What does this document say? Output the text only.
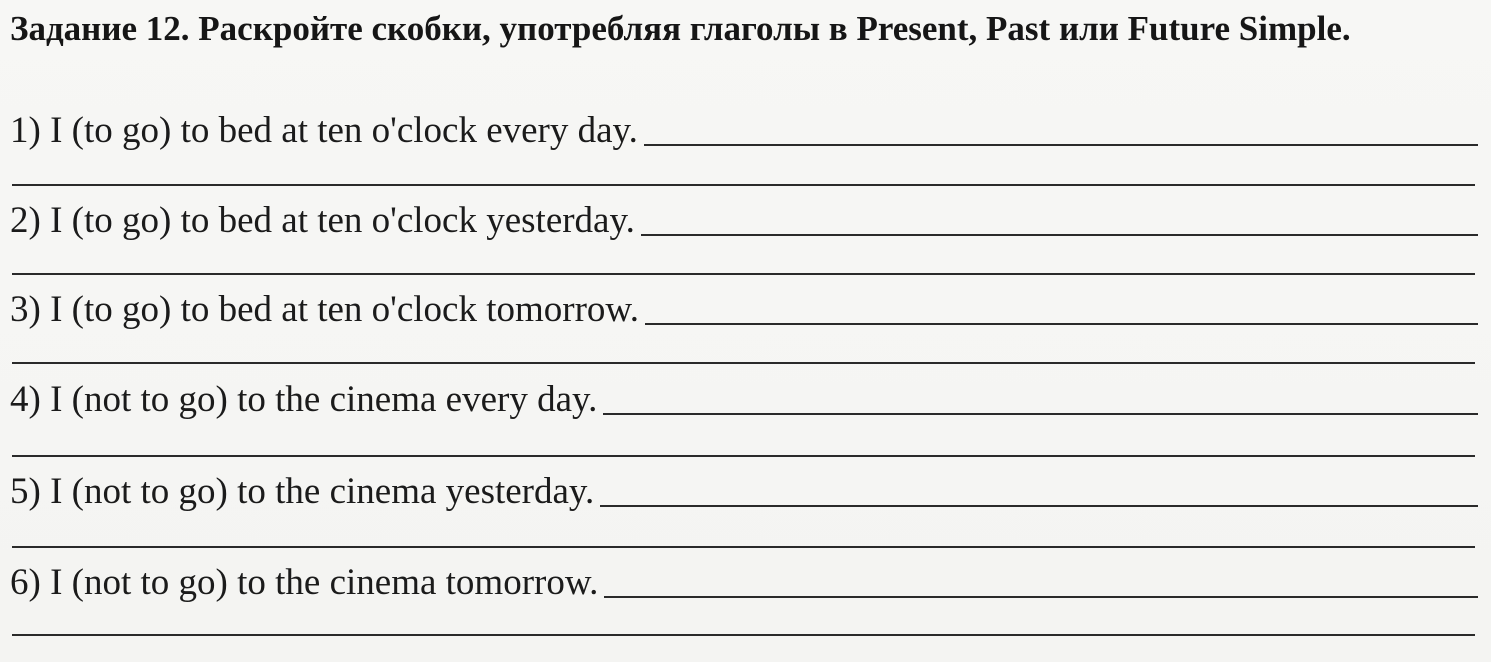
Задание 12. Раскройте скобки, употребляя глаголы в Present, Past или Future Simple.
1) I (to go) to bed at ten o'clock every day.
2) I (to go) to bed at ten o'clock yesterday.
3) I (to go) to bed at ten o'clock tomorrow.
4) I (not to go) to the cinema every day.
5) I (not to go) to the cinema yesterday.
6) I (not to go) to the cinema tomorrow.
